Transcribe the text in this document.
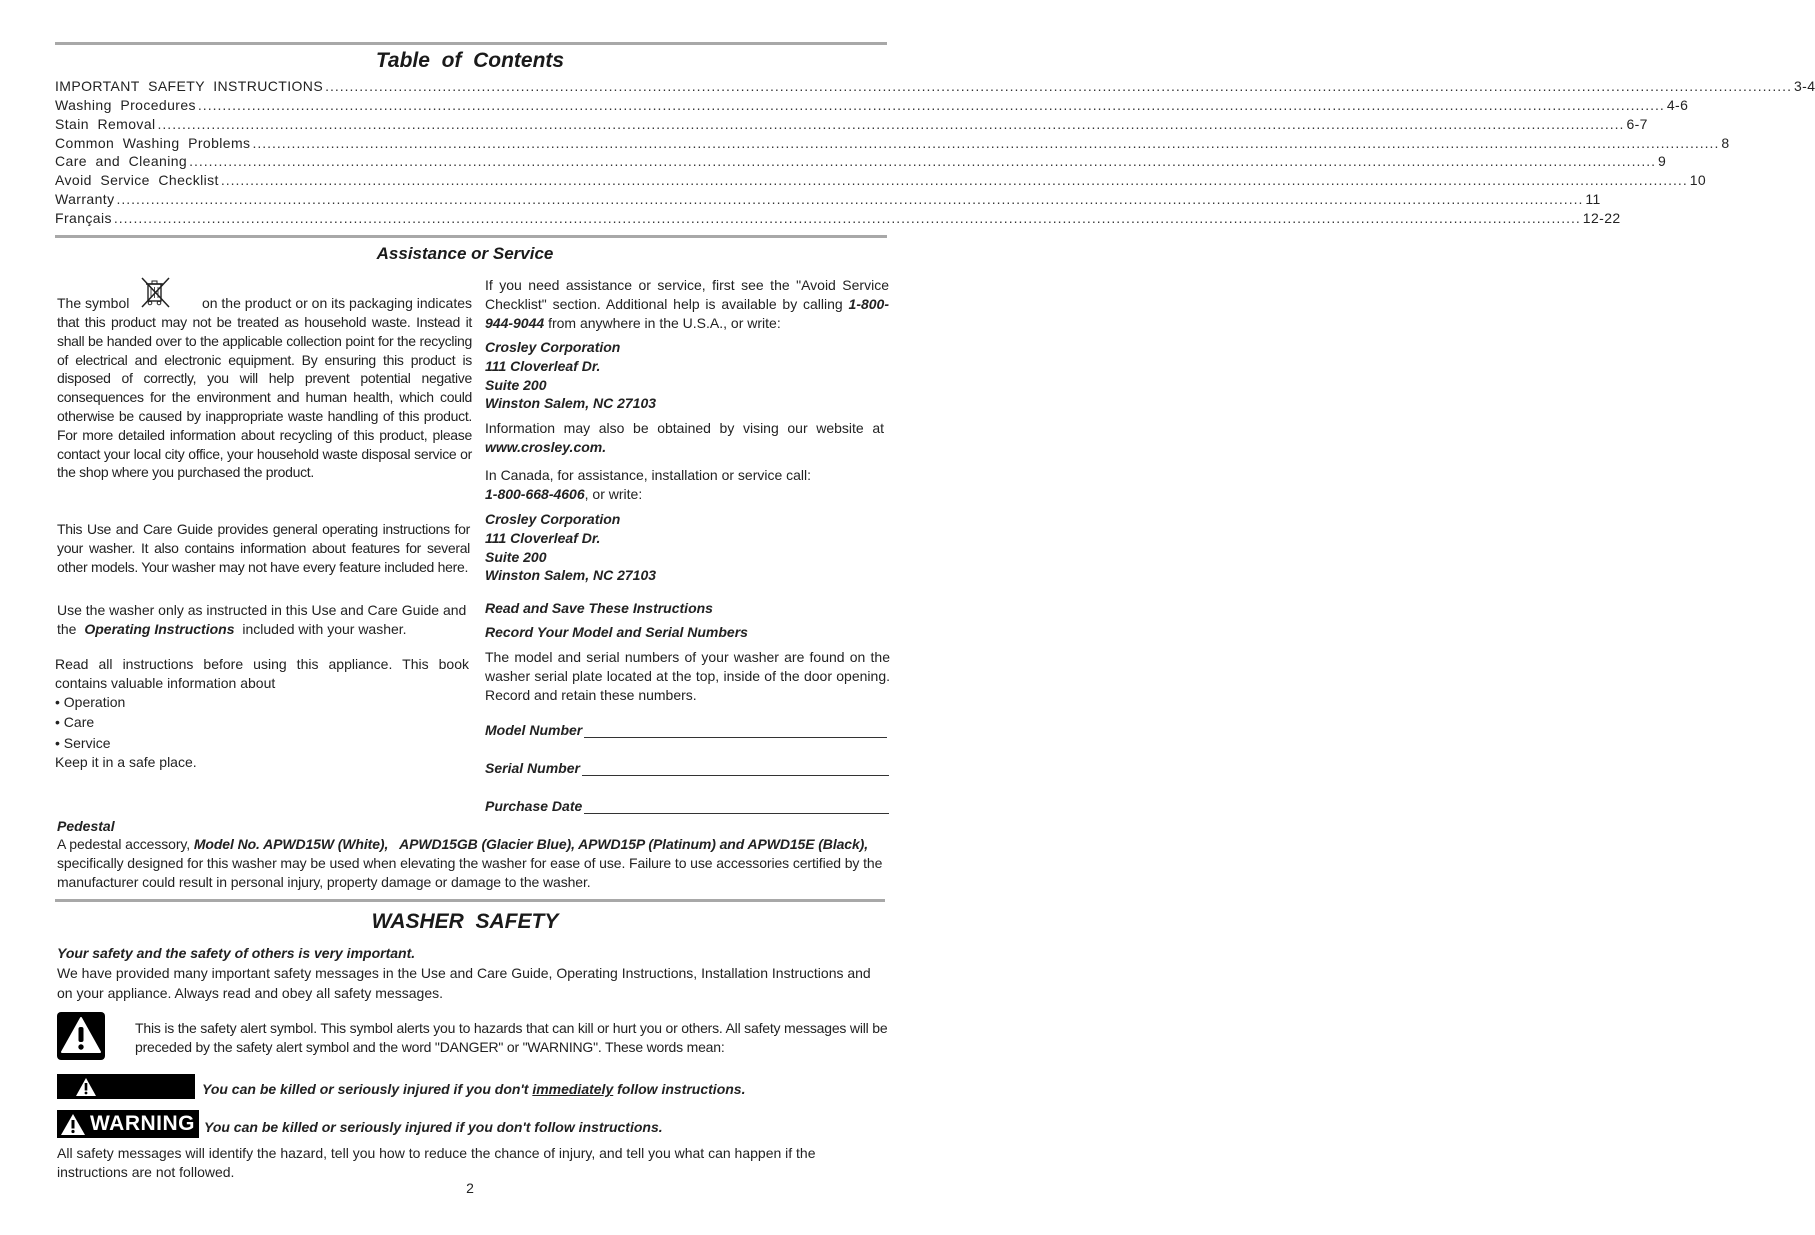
Table  of  Contents
IMPORTANT  SAFETY  INSTRUCTIONS ............................................................................................................................................................................................................................................................................................................ 3-4
Washing  Procedures ............................................................................................................................................................................................................................................................................................................ 4-6
Stain  Removal ............................................................................................................................................................................................................................................................................................................ 6-7
Common  Washing  Problems ............................................................................................................................................................................................................................................................................................................ 8
Care  and  Cleaning ............................................................................................................................................................................................................................................................................................................ 9
Avoid  Service  Checklist ............................................................................................................................................................................................................................................................................................................ 10
Warranty ............................................................................................................................................................................................................................................................................................................ 11
Français ............................................................................................................................................................................................................................................................................................................ 12-22
Assistance or Service
The symbol	on the product or on its packaging indicates
that this product may not be treated as household waste. Instead it shall be handed over to the applicable collection point for the recycling of electrical and electronic equipment. By ensuring this product is disposed of correctly, you will help prevent potential negative consequences for the environment and human health, which could otherwise be caused by inappropriate waste handling of this product. For more detailed information about recycling of this product, please contact your local city office, your household waste disposal service or the shop where you purchased the product.
This Use and Care Guide provides general operating instructions for your washer. It also contains information about features for several other models. Your washer may not have every feature included here.
Use the washer only as instructed in this Use and Care Guide and the Operating Instructions included with your washer.
Read all instructions before using this appliance. This book contains valuable information about
• Operation
• Care
• Service
Keep it in a safe place.
If you need assistance or service, first see the "Avoid Service Checklist" section. Additional help is available by calling 1-800-944-9044 from anywhere in the U.S.A., or write:
Crosley Corporation
111 Cloverleaf Dr.
Suite 200
Winston Salem, NC 27103
Information may also be obtained by vising our website at www.crosley.com.
In Canada, for assistance, installation or service call:
1-800-668-4606, or write:
Crosley Corporation
111 Cloverleaf Dr.
Suite 200
Winston Salem, NC 27103
Read and Save These Instructions
Record Your Model and Serial Numbers
The model and serial numbers of your washer are found on the washer serial plate located at the top, inside of the door opening. Record and retain these numbers.
Model Number
Serial Number
Purchase Date
Pedestal
A pedestal accessory, Model No. APWD15W (White),   APWD15GB (Glacier Blue), APWD15P (Platinum) and APWD15E (Black), specifically designed for this washer may be used when elevating the washer for ease of use. Failure to use accessories certified by the manufacturer could result in personal injury, property damage or damage to the washer.
WASHER  SAFETY
Your safety and the safety of others is very important.
We have provided many important safety messages in the Use and Care Guide, Operating Instructions, Installation Instructions and on your appliance. Always read and obey all safety messages.
This is the safety alert symbol. This symbol alerts you to hazards that can kill or hurt you or others. All safety messages will be preceded by the safety alert symbol and the word "DANGER" or "WARNING". These words mean:
You can be killed or seriously injured if you don't immediately follow instructions.
WARNING You can be killed or seriously injured if you don't follow instructions.
All safety messages will identify the hazard, tell you how to reduce the chance of injury, and tell you what can happen if the instructions are not followed.
2
